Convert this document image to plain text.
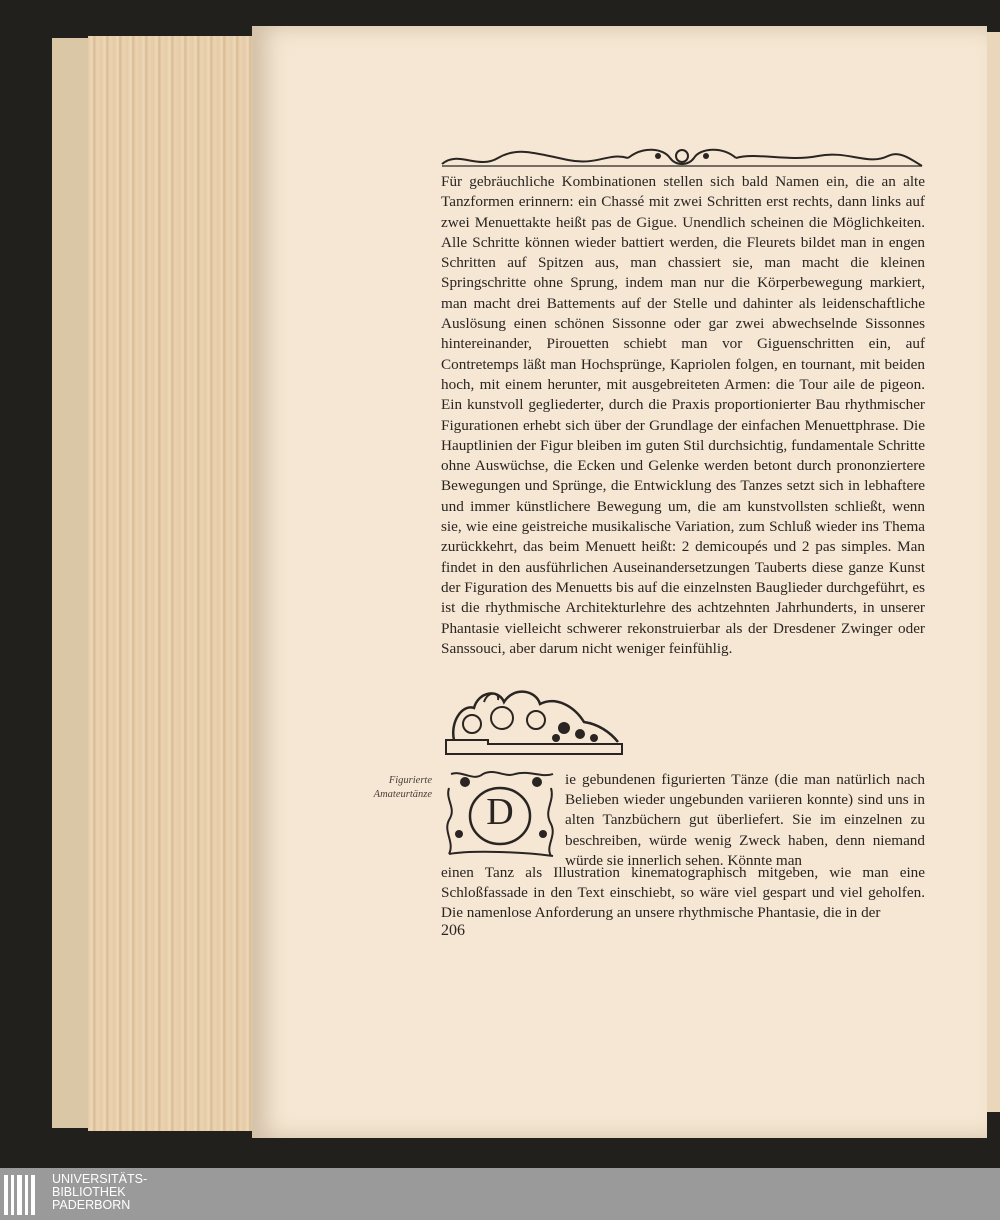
Für gebräuchliche Kombinationen stellen sich bald Namen ein, die an alte Tanzformen erinnern: ein Chassé mit zwei Schritten erst rechts, dann links auf zwei Menuettakte heißt pas de Gigue. Unendlich scheinen die Möglichkeiten. Alle Schritte können wieder battiert werden, die Fleurets bildet man in engen Schritten auf Spitzen aus, man chassiert sie, man macht die kleinen Springschritte ohne Sprung, indem man nur die Körperbewegung markiert, man macht drei Battements auf der Stelle und dahinter als leidenschaftliche Auslösung einen schönen Sissonne oder gar zwei abwechselnde Sissonnes hintereinander, Pirouetten schiebt man vor Giguenschritten ein, auf Contretemps läßt man Hochsprünge, Kapriolen folgen, en tournant, mit beiden hoch, mit einem herunter, mit ausgebreiteten Armen: die Tour aile de pigeon. Ein kunstvoll gegliederter, durch die Praxis proportionierter Bau rhythmischer Figurationen erhebt sich über der Grundlage der einfachen Menuettphrase. Die Hauptlinien der Figur bleiben im guten Stil durchsichtig, fundamentale Schritte ohne Auswüchse, die Ecken und Gelenke werden betont durch prononziertere Bewegungen und Sprünge, die Entwicklung des Tanzes setzt sich in lebhaftere und immer künstlichere Bewegung um, die am kunstvollsten schließt, wenn sie, wie eine geistreiche musikalische Variation, zum Schluß wieder ins Thema zurückkehrt, das beim Menuett heißt: 2 demicoupés und 2 pas simples. Man findet in den ausführlichen Auseinandersetzungen Tauberts diese ganze Kunst der Figuration des Menuetts bis auf die einzelnsten Bauglieder durchgeführt, es ist die rhythmische Architekturlehre des achtzehnten Jahrhunderts, in unserer Phantasie vielleicht schwerer rekonstruierbar als der Dresdener Zwinger oder Sanssouci, aber darum nicht weniger feinfühlig.

Figurierte
Amateurtänze	D

ie gebundenen figurierten Tänze (die man natürlich nach Belieben wieder ungebunden variieren konnte) sind uns in alten Tanzbüchern gut überliefert. Sie im einzelnen zu beschreiben, würde wenig Zweck haben, denn niemand würde sie innerlich sehen. Könnte man

einen Tanz als Illustration kinematographisch mitgeben, wie man eine Schloßfassade in den Text einschiebt, so wäre viel gespart und viel geholfen. Die namenlose Anforderung an unsere rhythmische Phantasie, die in der

206
UNIVERSITÄTS-
BIBLIOTHEK
PADERBORN
